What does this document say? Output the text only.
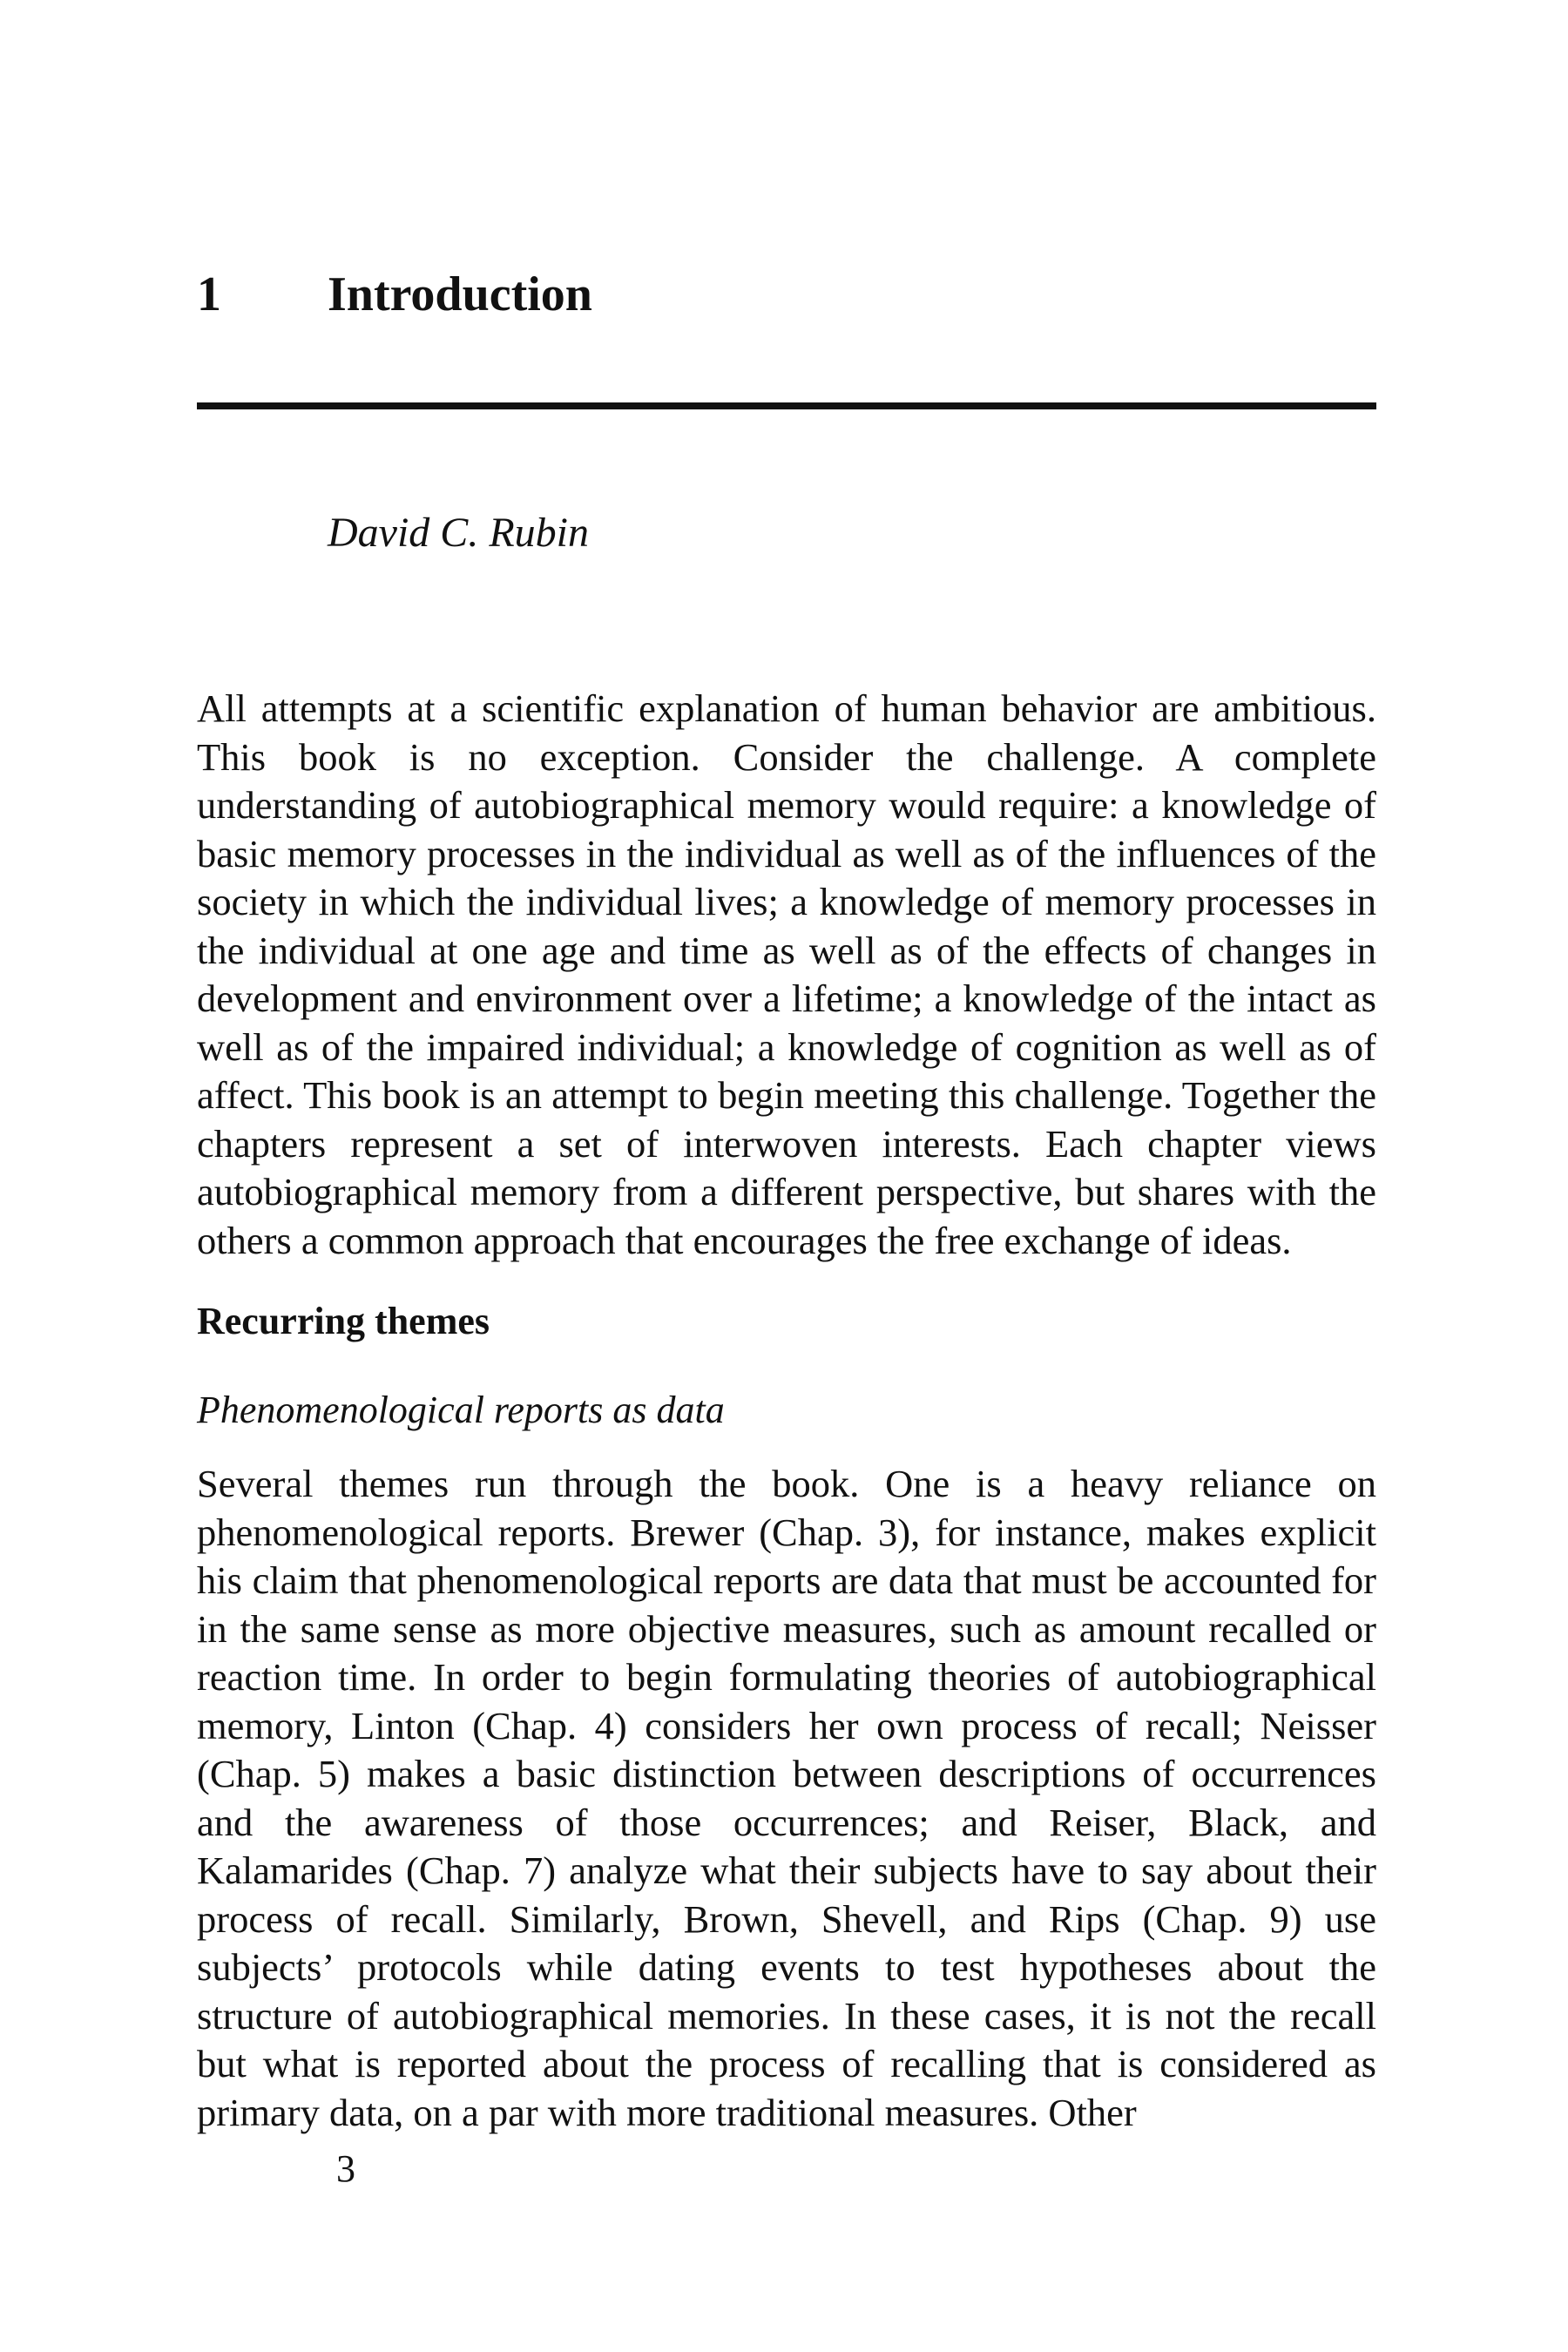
1 Introduction
David C. Rubin

All attempts at a scientific explanation of human behavior are ambitious. This book is no exception. Consider the challenge. A complete understanding of autobiographical memory would require: a knowledge of basic memory processes in the individual as well as of the influences of the society in which the individual lives; a knowledge of memory processes in the individual at one age and time as well as of the effects of changes in development and environment over a lifetime; a knowledge of the intact as well as of the impaired individual; a knowledge of cognition as well as of affect. This book is an attempt to begin meeting this challenge. Together the chapters represent a set of interwoven interests. Each chapter views autobiographical memory from a different perspective, but shares with the others a common approach that encourages the free exchange of ideas.

Recurring themes
Phenomenological reports as data

Several themes run through the book. One is a heavy reliance on phenomenological reports. Brewer (Chap. 3), for instance, makes explicit his claim that phenomenological reports are data that must be accounted for in the same sense as more objective measures, such as amount recalled or reaction time. In order to begin formulating theories of autobiographical memory, Linton (Chap. 4) considers her own process of recall; Neisser (Chap. 5) makes a basic distinction between descriptions of occurrences and the awareness of those occurrences; and Reiser, Black, and Kalamarides (Chap. 7) analyze what their subjects have to say about their process of recall. Similarly, Brown, Shevell, and Rips (Chap. 9) use subjects’ protocols while dating events to test hypotheses about the structure of autobiographical memories. In these cases, it is not the recall but what is reported about the process of recalling that is considered as primary data, on a par with more traditional measures. Other

3
